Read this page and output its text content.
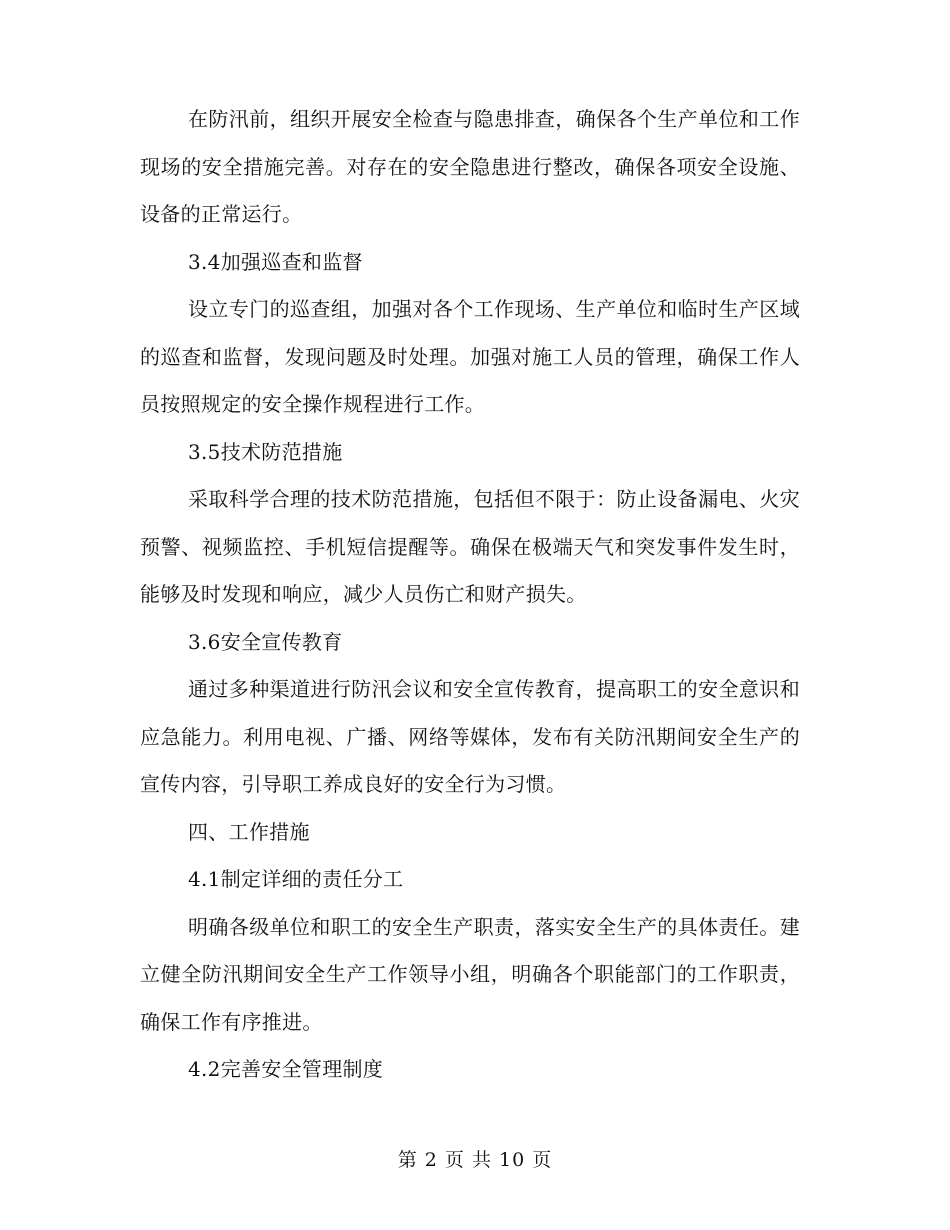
在防汛前，组织开展安全检查与隐患排查，确保各个生产单位和工作现场的安全措施完善。对存在的安全隐患进行整改，确保各项安全设施、设备的正常运行。

3.4加强巡查和监督

设立专门的巡查组，加强对各个工作现场、生产单位和临时生产区域的巡查和监督，发现问题及时处理。加强对施工人员的管理，确保工作人员按照规定的安全操作规程进行工作。

3.5技术防范措施

采取科学合理的技术防范措施，包括但不限于：防止设备漏电、火灾预警、视频监控、手机短信提醒等。确保在极端天气和突发事件发生时，能够及时发现和响应，减少人员伤亡和财产损失。

3.6安全宣传教育

通过多种渠道进行防汛会议和安全宣传教育，提高职工的安全意识和应急能力。利用电视、广播、网络等媒体，发布有关防汛期间安全生产的宣传内容，引导职工养成良好的安全行为习惯。

四、工作措施

4.1制定详细的责任分工

明确各级单位和职工的安全生产职责，落实安全生产的具体责任。建立健全防汛期间安全生产工作领导小组，明确各个职能部门的工作职责，确保工作有序推进。

4.2完善安全管理制度

第 2 页 共 10 页
